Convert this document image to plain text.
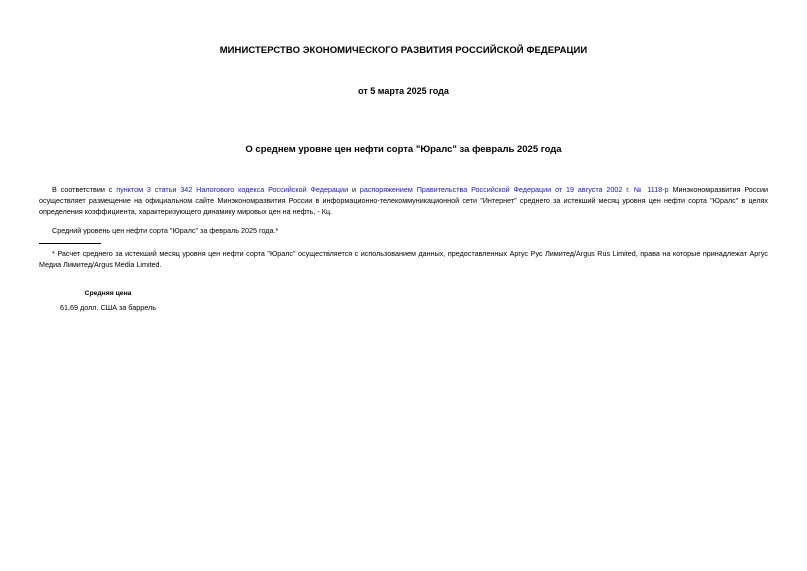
МИНИСТЕРСТВО ЭКОНОМИЧЕСКОГО РАЗВИТИЯ РОССИЙСКОЙ ФЕДЕРАЦИИ
от 5 марта 2025 года
О среднем уровне цен нефти сорта "Юралс" за февраль 2025 года

В соответствии с пунктом 3 статьи 342 Налогового кодекса Российской Федерации и распоряжением Правительства Российской Федерации от 19 августа 2002 г. № 1118-р Минэкономразвития России осуществляет размещение на официальном сайте Минэкономразвития России в информационно-телекоммуникационной сети "Интернет" среднего за истекший месяц уровня цен нефти сорта "Юралс" в целях определения коэффициента, характеризующего динамику мировых цен на нефть, - Кц.

Средний уровень цен нефти сорта "Юралс" за февраль 2025 года.*

* Расчет среднего за истекший месяц уровня цен нефти сорта "Юралс" осуществляется с использованием данных, предоставленных Аргус Рус Лимитед/Argus Rus Limited, права на которые принадлежат Аргус Медиа Лимитед/Argus Media Limited.

Средняя цена
61,69 долл. США за баррель
